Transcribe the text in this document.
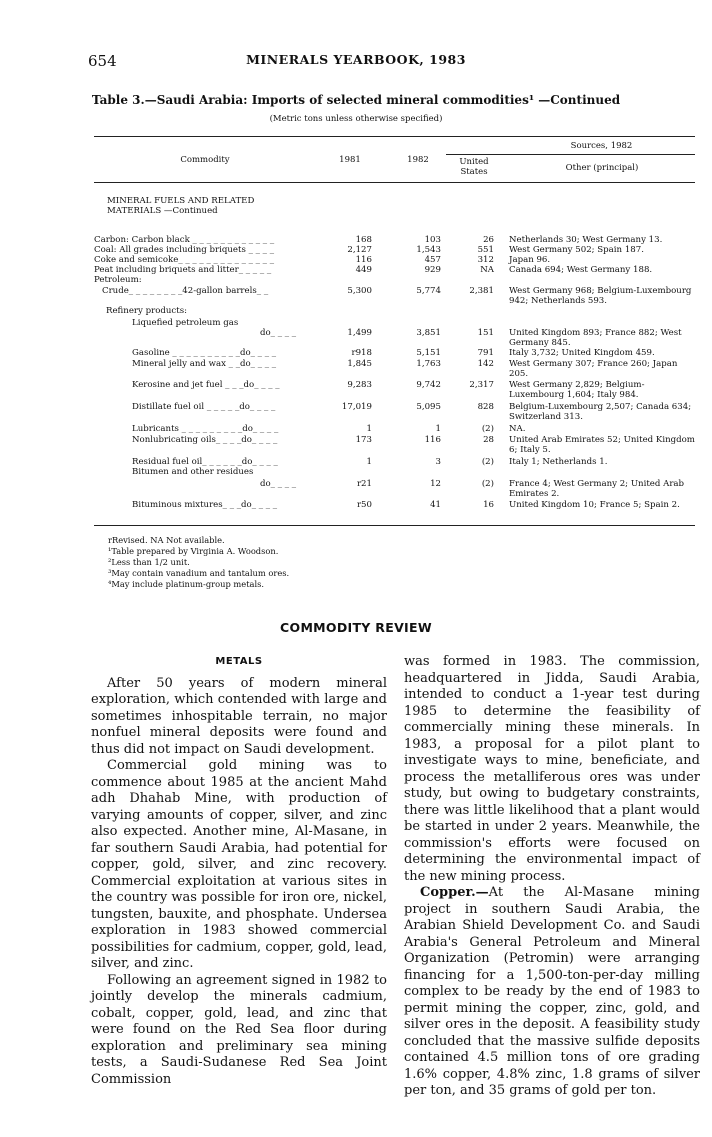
654	MINERALS YEARBOOK, 1983
Table 3.—Saudi Arabia: Imports of selected mineral commodities¹ —Continued
(Metric tons unless otherwise specified)
Sources, 1982
Commodity	1981	1982	United States	Other (principal)
MINERAL FUELS AND RELATED MATERIALS —Continued
Carbon: Carbon black _ _ _ _ _ _ _ _ _ _ _ _	168	103	26 Netherlands 30; West Germany 13.
Coal: All grades including briquets _ _ _ _	2,127	1,543	551 West Germany 502; Spain 187.
Coke and semicoke_ _ _ _ _ _ _ _ _ _ _ _ _ _	116	457	312 Japan 96.
Peat including briquets and litter_ _ _ _ _	449	929	NA Canada 694; West Germany 188.
Petroleum:
Crude_ _ _ _ _ _ _ _42-gallon barrels_ _	5,300	5,774	2,381 West Germany 968; Belgium-Luxembourg 942; Netherlands 593.
Refinery products:
Liquefied petroleum gas
do_ _ _ _	1,499	3,851	151 United Kingdom 893; France 882; West Germany 845.
Gasoline _ _ _ _ _ _ _ _ _ _do_ _ _ _	r918	5,151	791 Italy 3,732; United Kingdom 459.
Mineral jelly and wax _ _do_ _ _ _	1,845	1,763	142 West Germany 307; France 260; Japan 205.
Kerosine and jet fuel _ _ _do_ _ _ _	9,283	9,742	2,317 West Germany 2,829; Belgium-Luxembourg 1,604; Italy 984.
Distillate fuel oil _ _ _ _ _do_ _ _ _	17,019	5,095	828 Belgium-Luxembourg 2,507; Canada 634; Switzerland 313.
Lubricants _ _ _ _ _ _ _ _ _do_ _ _ _	1	1	(2) NA.
Nonlubricating oils_ _ _ _do_ _ _ _	173	116	28 United Arab Emirates 52; United Kingdom 6; Italy 5.
Residual fuel oil_ _ _ _ _ _do_ _ _ _	1	3	(2) Italy 1; Netherlands 1.
Bitumen and other residues
do_ _ _ _	r21	12	(2) France 4; West Germany 2; United Arab Emirates 2.
Bituminous mixtures_ _ _do_ _ _ _	r50	41	16 United Kingdom 10; France 5; Spain 2.
rRevised. NA Not available.
¹Table prepared by Virginia A. Woodson.
²Less than 1/2 unit.
³May contain vanadium and tantalum ores.
⁴May include platinum-group metals.
COMMODITY REVIEW
METALS

After 50 years of modern mineral exploration, which contended with large and sometimes inhospitable terrain, no major nonfuel mineral deposits were found and thus did not impact on Saudi development.

Commercial gold mining was to commence about 1985 at the ancient Mahd adh Dhahab Mine, with production of varying amounts of copper, silver, and zinc also expected. Another mine, Al-Masane, in far southern Saudi Arabia, had potential for copper, gold, silver, and zinc recovery. Commercial exploitation at various sites in the country was possible for iron ore, nickel, tungsten, bauxite, and phosphate. Undersea exploration in 1983 showed commercial possibilities for cadmium, copper, gold, lead, silver, and zinc.

Following an agreement signed in 1982 to jointly develop the minerals cadmium, cobalt, copper, gold, lead, and zinc that were found on the Red Sea floor during exploration and preliminary sea mining tests, a Saudi-Sudanese Red Sea Joint Commission

was formed in 1983. The commission, headquartered in Jidda, Saudi Arabia, intended to conduct a 1-year test during 1985 to determine the feasibility of commercially mining these minerals. In 1983, a proposal for a pilot plant to investigate ways to mine, beneficiate, and process the metalliferous ores was under study, but owing to budgetary constraints, there was little likelihood that a plant would be started in under 2 years. Meanwhile, the commission's efforts were focused on determining the environmental impact of the new mining process.

Copper.—At the Al-Masane mining project in southern Saudi Arabia, the Arabian Shield Development Co. and Saudi Arabia's General Petroleum and Mineral Organization (Petromin) were arranging financing for a 1,500-ton-per-day milling complex to be ready by the end of 1983 to permit mining the copper, zinc, gold, and silver ores in the deposit. A feasibility study concluded that the massive sulfide deposits contained 4.5 million tons of ore grading 1.6% copper, 4.8% zinc, 1.8 grams of silver per ton, and 35 grams of gold per ton.
